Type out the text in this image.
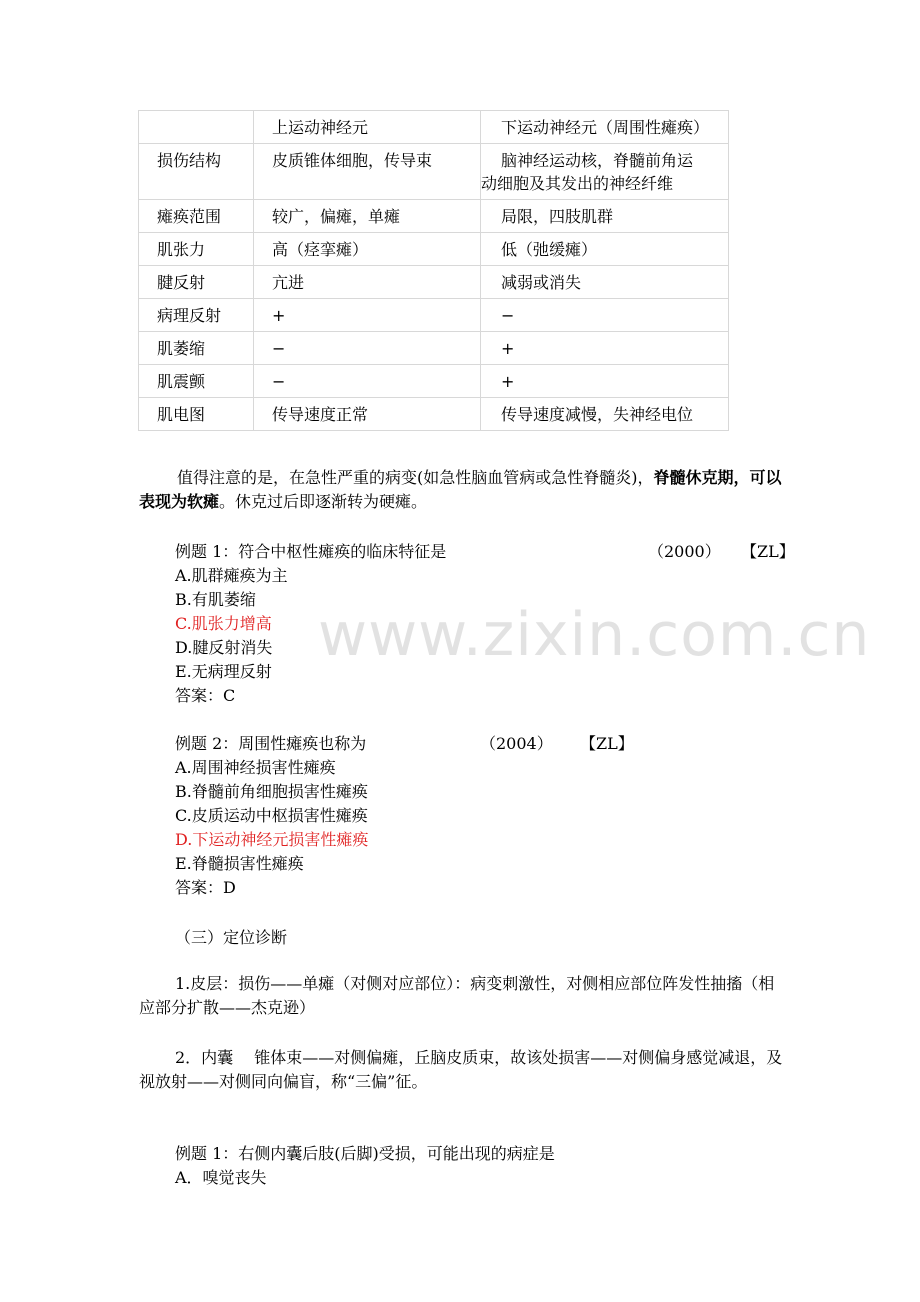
	上运动神经元	下运动神经元（周围性瘫痪）
损伤结构	皮质锥体细胞，传导束	脑神经运动核，脊髓前角运
动细胞及其发出的神经纤维
瘫痪范围	较广，偏瘫，单瘫	局限，四肢肌群
肌张力	高（痉挛瘫）	低（弛缓瘫）
腱反射	亢进	减弱或消失
病理反射	+	−
肌萎缩	−	+
肌震颤	−	+
肌电图	传导速度正常	传导速度减慢，失神经电位
值得注意的是，在急性严重的病变(如急性脑血管病或急性脊髓炎)，脊髓休克期，可以表现为软瘫。休克过后即逐渐转为硬瘫。
例题 1：符合中枢性瘫痪的临床特征是	（2000） 【ZL】
A.肌群瘫痪为主
B.有肌萎缩
C.肌张力增高
D.腱反射消失
E.无病理反射
答案：C
例题 2：周围性瘫痪也称为	（2004） 【ZL】
A.周围神经损害性瘫痪
B.脊髓前角细胞损害性瘫痪
C.皮质运动中枢损害性瘫痪
D.下运动神经元损害性瘫痪
E.脊髓损害性瘫痪
答案：D
（三）定位诊断
1.皮层：损伤——单瘫（对侧对应部位）：病变刺激性，对侧相应部位阵发性抽搐（相应部分扩散——杰克逊）
2．内囊　 锥体束——对侧偏瘫，丘脑皮质束，故该处损害——对侧偏身感觉减退，及视放射——对侧同向偏盲，称“三偏”征。
例题 1：右侧内囊后肢(后脚)受损，可能出现的病症是
A．嗅觉丧失
www.zixin.com.cn
